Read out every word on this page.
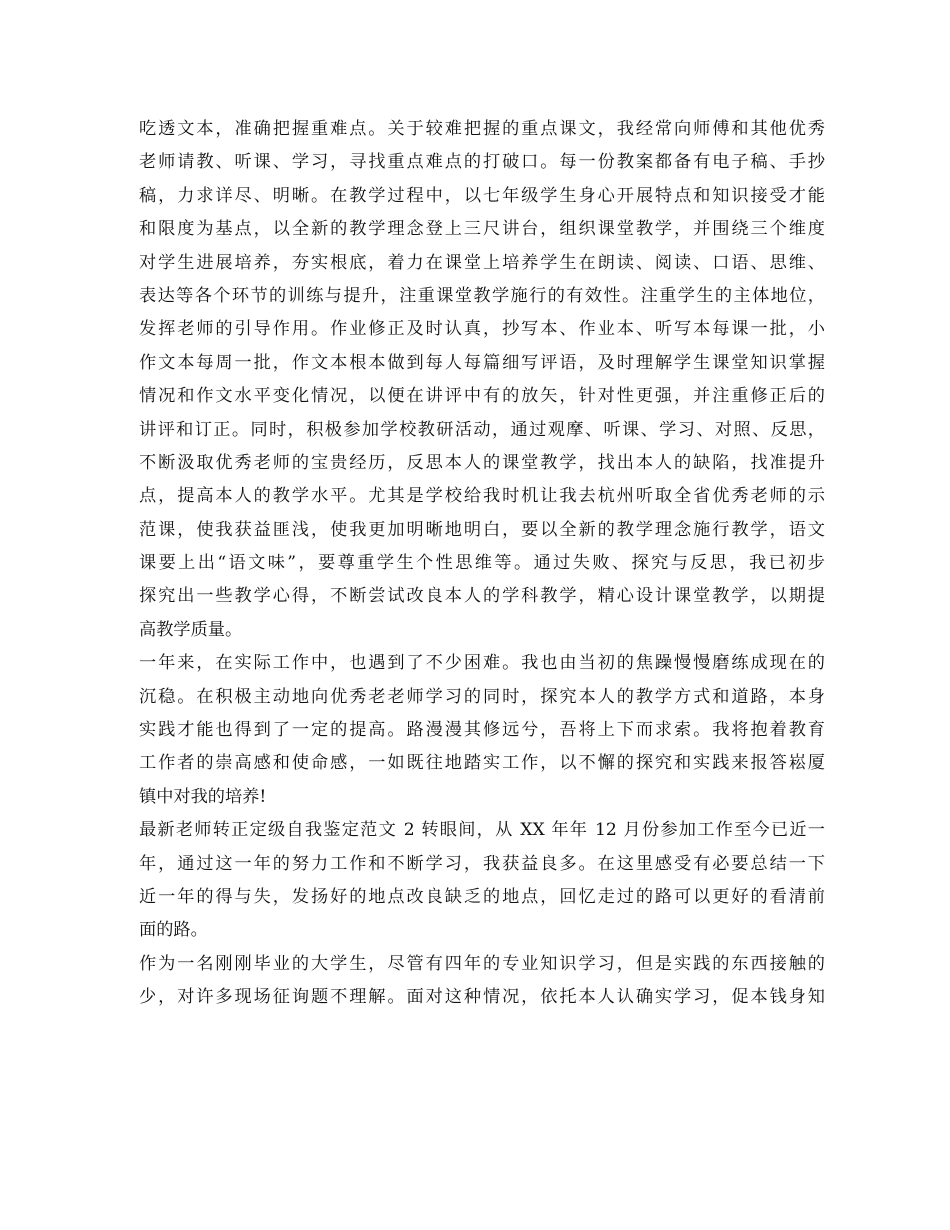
吃透文本，准确把握重难点。关于较难把握的重点课文，我经常向师傅和其他优秀
老师请教、听课、学习，寻找重点难点的打破口。每一份教案都备有电子稿、手抄
稿，力求详尽、明晰。在教学过程中，以七年级学生身心开展特点和知识接受才能
和限度为基点，以全新的教学理念登上三尺讲台，组织课堂教学，并围绕三个维度
对学生进展培养，夯实根底，着力在课堂上培养学生在朗读、阅读、口语、思维、
表达等各个环节的训练与提升，注重课堂教学施行的有效性。注重学生的主体地位，
发挥老师的引导作用。作业修正及时认真，抄写本、作业本、听写本每课一批，小
作文本每周一批，作文本根本做到每人每篇细写评语，及时理解学生课堂知识掌握
情况和作文水平变化情况，以便在讲评中有的放矢，针对性更强，并注重修正后的
讲评和订正。同时，积极参加学校教研活动，通过观摩、听课、学习、对照、反思，
不断汲取优秀老师的宝贵经历，反思本人的课堂教学，找出本人的缺陷，找准提升
点，提高本人的教学水平。尤其是学校给我时机让我去杭州听取全省优秀老师的示
范课，使我获益匪浅，使我更加明晰地明白，要以全新的教学理念施行教学，语文
课要上出“语文味”，要尊重学生个性思维等。通过失败、探究与反思，我已初步
探究出一些教学心得，不断尝试改良本人的学科教学，精心设计课堂教学，以期提
高教学质量。
一年来，在实际工作中，也遇到了不少困难。我也由当初的焦躁慢慢磨练成现在的
沉稳。在积极主动地向优秀老老师学习的同时，探究本人的教学方式和道路，本身
实践才能也得到了一定的提高。路漫漫其修远兮，吾将上下而求索。我将抱着教育
工作者的崇高感和使命感，一如既往地踏实工作，以不懈的探究和实践来报答崧厦
镇中对我的培养!
最新老师转正定级自我鉴定范文 2 转眼间，从 XX 年年 12 月份参加工作至今已近一
年，通过这一年的努力工作和不断学习，我获益良多。在这里感受有必要总结一下
近一年的得与失，发扬好的地点改良缺乏的地点，回忆走过的路可以更好的看清前
面的路。
作为一名刚刚毕业的大学生，尽管有四年的专业知识学习，但是实践的东西接触的
少，对许多现场征询题不理解。面对这种情况，依托本人认确实学习，促本钱身知
